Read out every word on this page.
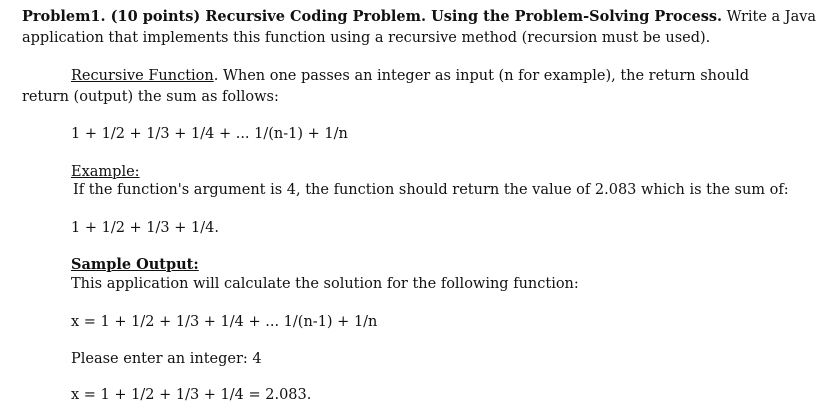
Problem1. (10 points) Recursive Coding Problem. Using the Problem-Solving Process. Write a Java
application that implements this function using a recursive method (recursion must be used).
Recursive Function. When one passes an integer as input (n for example), the return should
return (output) the sum as follows:
1 + 1/2 + 1/3 + 1/4 + ... 1/(n-1) + 1/n
Example:
If the function's argument is 4, the function should return the value of 2.083 which is the sum of:
1 + 1/2 + 1/3 + 1/4.
Sample Output:
This application will calculate the solution for the following function:
x = 1 + 1/2 + 1/3 + 1/4 + ... 1/(n-1) + 1/n
Please enter an integer: 4
x = 1 + 1/2 + 1/3 + 1/4 = 2.083.
